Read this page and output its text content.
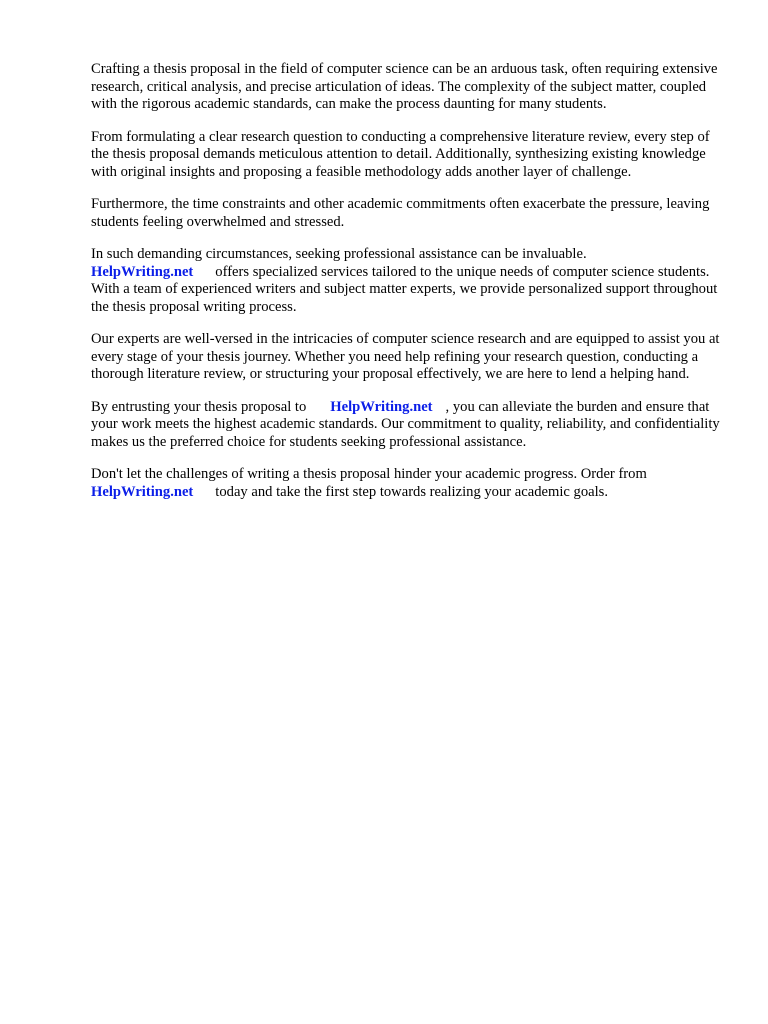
Crafting a thesis proposal in the field of computer science can be an arduous task, often requiring extensive research, critical analysis, and precise articulation of ideas. The complexity of the subject matter, coupled with the rigorous academic standards, can make the process daunting for many students.

From formulating a clear research question to conducting a comprehensive literature review, every step of the thesis proposal demands meticulous attention to detail. Additionally, synthesizing existing knowledge with original insights and proposing a feasible methodology adds another layer of challenge.

Furthermore, the time constraints and other academic commitments often exacerbate the pressure, leaving students feeling overwhelmed and stressed.

In such demanding circumstances, seeking professional assistance can be invaluable.
HelpWriting.net offers specialized services tailored to the unique needs of computer science students. With a team of experienced writers and subject matter experts, we provide personalized support throughout the thesis proposal writing process.

Our experts are well-versed in the intricacies of computer science research and are equipped to assist you at every stage of your thesis journey. Whether you need help refining your research question, conducting a thorough literature review, or structuring your proposal effectively, we are here to lend a helping hand.

By entrusting your thesis proposal to HelpWriting.net , you can alleviate the burden and ensure that your work meets the highest academic standards. Our commitment to quality, reliability, and confidentiality makes us the preferred choice for students seeking professional assistance.

Don't let the challenges of writing a thesis proposal hinder your academic progress. Order from
HelpWriting.net today and take the first step towards realizing your academic goals.
